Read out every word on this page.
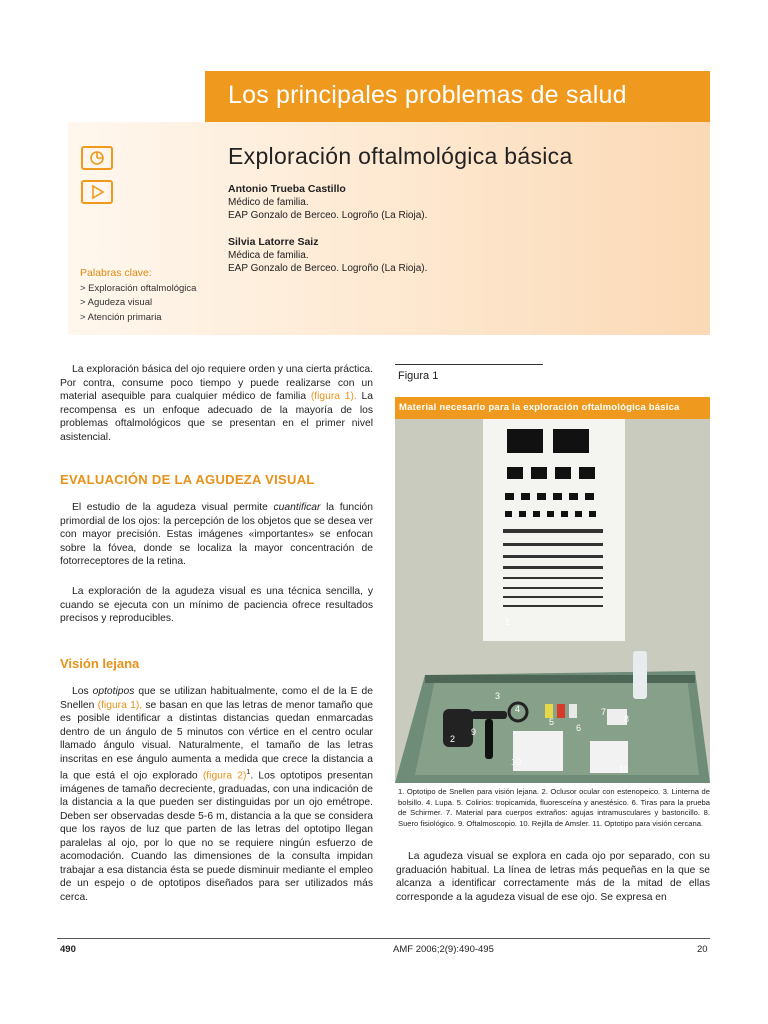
Los principales problemas de salud
Exploración oftalmológica básica
Antonio Trueba Castillo
Médico de familia.
EAP Gonzalo de Berceo. Logroño (La Rioja).
Silvia Latorre Saiz
Médica de familia.
EAP Gonzalo de Berceo. Logroño (La Rioja).
Palabras clave:
> Exploración oftalmológica
> Agudeza visual
> Atención primaria

La exploración básica del ojo requiere orden y una cierta práctica. Por contra, consume poco tiempo y puede realizarse con un material asequible para cualquier médico de familia (figura 1). La recompensa es un enfoque adecuado de la mayoría de los problemas oftalmológicos que se presentan en el primer nivel asistencial.

EVALUACIÓN DE LA AGUDEZA VISUAL

El estudio de la agudeza visual permite cuantificar la función primordial de los ojos: la percepción de los objetos que se desea ver con mayor precisión. Estas imágenes «importantes» se enfocan sobre la fóvea, donde se localiza la mayor concentración de fotorreceptores de la retina.

La exploración de la agudeza visual es una técnica sencilla, y cuando se ejecuta con un mínimo de paciencia ofrece resultados precisos y reproducibles.

Visión lejana

Los optotipos que se utilizan habitualmente, como el de la E de Snellen (figura 1), se basan en que las letras de menor tamaño que es posible identificar a distintas distancias quedan enmarcadas dentro de un ángulo de 5 minutos con vértice en el centro ocular llamado ángulo visual. Naturalmente, el tamaño de las letras inscritas en ese ángulo aumenta a medida que crece la distancia a la que está el ojo explorado (figura 2)$^1$. Los optotipos presentan imágenes de tamaño decreciente, graduadas, con una indicación de la distancia a la que pueden ser distinguidas por un ojo emétrope. Deben ser observadas desde 5-6 m, distancia a la que se considera que los rayos de luz que parten de las letras del optotipo llegan paralelas al ojo, por lo que no se requiere ningún esfuerzo de acomodación. Cuando las dimensiones de la consulta impidan trabajar a esa distancia ésta se puede disminuir mediante el empleo de un espejo o de optotipos diseñados para ser utilizados más cerca.

Figura 1
Material necesario para la exploración oftalmológica básica
1
2
3
4
5
6
7
8
9
10
11
1. Optotipo de Snellen para visión lejana. 2. Oclusor ocular con estenopeico. 3. Linterna de bolsillo. 4. Lupa. 5. Colirios: tropicamida, fluoresceína y anestésico. 6. Tiras para la prueba de Schirmer. 7. Material para cuerpos extraños: agujas intramusculares y bastoncillo. 8. Suero fisiológico. 9. Oftalmoscopio. 10. Rejilla de Amsler. 11. Optotipo para visión cercana.

La agudeza visual se explora en cada ojo por separado, con su graduación habitual. La línea de letras más pequeñas en la que se alcanza a identificar correctamente más de la mitad de ellas corresponde a la agudeza visual de ese ojo. Se expresa en

490	AMF 2006;2(9):490-495	20
